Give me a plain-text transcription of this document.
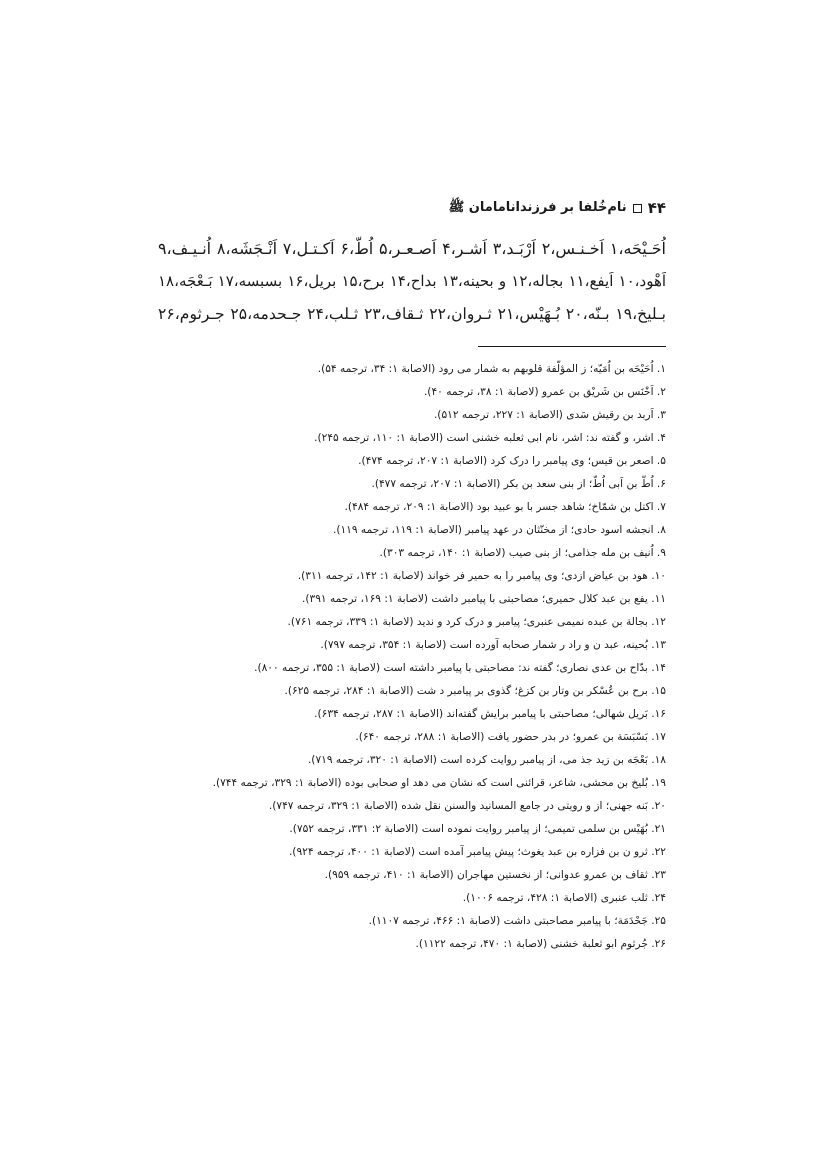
۴۴
نام‌خُلفا بر فرزندانامامان ﷺ
اُحَـیْحَه،١ اَخـنـس،٢ اَرْبَـد،٣ اَشـر،۴ اَصـعـر،۵ اُطّ،۶ اَکـتـل،٧ اَنْـجَشَه،٨ اُنـیـف،٩
اَهْود،١٠ اَیفع،١١ بجاله،١٢ و بحینه،١٣ بداح،١۴ برح،١۵ بریل،١۶ بسبسه،١٧ بَـعْجَه،١٨
بـلیخ،١٩ بـنّه،٢٠ بُـهَیْس،٢١ ثـروان،٢٢ ثـقاف،٢٣ ثـلب،٢۴ جـحدمه،٢۵ جـرثوم،٢۶
١. اُحَیْحَه بن اُمَیّه؛ ز المؤلّفة قلوبهم به شمار می رود (الاصابة ١: ٣۴، ترجمه ۵۴).
٢. اَخْنَس بن شَریْق بن عمرو (لاصابة ١: ٣٨، ترجمه ۴٠).
٣. اَربد بن رقیش سَدی (الاصابة ١: ٢٢٧، ترجمه ۵١٢).
۴. اشر، و گفته ند: اشر، نام ابی ثعلبه خشنی است (الاصابة ١: ١١٠، ترجمه ٢۴۵).
۵. اصعر بن قیس؛ وی پیامبر را درک کرد (الاصابة ١: ٢٠٧، ترجمه ۴٧۴).
۶. اُطّ بن اَبی اُطّ؛ از بنی سعد بن بکر (الاصابة ١: ٢٠٧، ترجمه ۴٧٧).
٧. اکتل بن شمّاخ؛ شاهد جسر با بو عبید بود (الاصابة ١: ٢٠٩، ترجمه ۴٨۴).
٨. انجشه اسود حادی؛ از مخنّثان در عهد پیامبر (الاصابة ١: ١١٩، ترجمه ١١٩).
٩. اُنیف بن مله جذامی؛ از بنی صیب (لاصابة ١: ١۴٠، ترجمه ٣٠٣).
١٠. هود بن عیاض ازدی؛ وی پیامبر را به حمیر فر خواند (لاصابة ١: ١۴٢، ترجمه ٣١١).
١١. یفع بن عبد کلال حمیری؛ مصاحبتی با پیامبر داشت (لاصابة ١: ١۶٩، ترجمه ٣٩١).
١٢. بجالة بن عبده نمیمی عنبری؛ پیامبر و درک کرد و ندید (لاصابة ١: ٣٣٩، ترجمه ٧۶١).
١٣. بُحینه، عبد ن و راد ر شمار صحابه آورده است (لاصابة ١: ٣۵۴، ترجمه ٧٩٧).
١۴. بدّاح بن عدی نصاری؛ گفته ند: مصاحبتی با پیامبر داشته است (لاصابة ١: ٣۵۵، ترجمه ٨٠٠).
١۵. برح بن عُسْکر بن وتار بن کزغ؛ گذوی بر پیامبر د شت (الاصابة ١: ٢٨۴، ترجمه ۶٢۵).
١۶. بَریل شهالی؛ مصاحبتی با پیامبر برایش گفته‌اند (الاصابة ١: ٢٨٧، ترجمه ۶٣۴).
١٧. بَسْبَسَة بن عمرو؛ در بدر حضور یافت (الاصابة ١: ٢٨٨، ترجمه ۶۴٠).
١٨. بَعْجَه بن زید جذ می، از پیامبر روایت کرده است (الاصابة ١: ٣٢٠، ترجمه ٧١٩).
١٩. بُلیخ بن محشی، شاعر، قرائنی است که نشان می دهد او صحابی بوده (الاصابة ١: ٣٢٩، ترجمه ٧۴۴).
٢٠. بَنه جهنی؛ از و رویتی در جامع المسانید والسنن نقل شده (الاصابة ١: ٣٢٩، ترجمه ٧۴٧).
٢١. بُهَیْس بن سلمی تمیمی؛ از پیامبر روایت نموده است (الاصابة ٢: ٣٣١، ترجمه ٧۵٢).
٢٢. ثرو ن بن فزاره بن عبد یغوث؛ پیش پیامبر آمده است (لاصابة ١: ۴٠٠، ترجمه ٩٢۴).
٢٣. ثقاف بن عمرو عدوانی؛ از نخستین مهاجران (الاصابة ١: ۴١٠، ترجمه ٩۵٩).
٢۴. ثلب عنبری (الاصابة ١: ۴٢٨، ترجمه ١٠٠۶).
٢۵. جَحْدَمَة؛ با پیامبر مصاحبتی داشت (لاصابة ١: ۴۶۶، ترجمه ١١٠٧).
٢۶. جُرثوم ابو ثعلبة خشنی (لاصابة ١: ۴٧٠، ترجمه ١١٢٢).
